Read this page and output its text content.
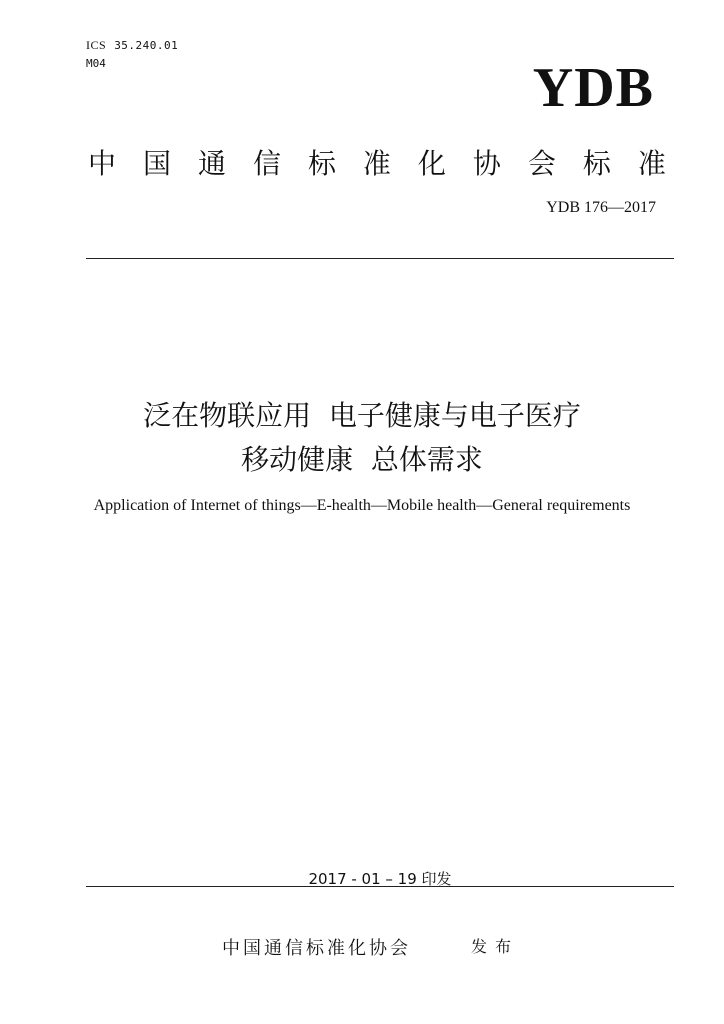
ICS 35.240.01
M04	YDB
中 国 通 信 标 准 化 协 会 标 准
YDB 176—2017
泛在物联应用  电子健康与电子医疗
移动健康  总体需求
Application of Internet of things—E-health—Mobile health—General requirements
2017 - 01 – 19 印发
中国通信标准化协会	发布
